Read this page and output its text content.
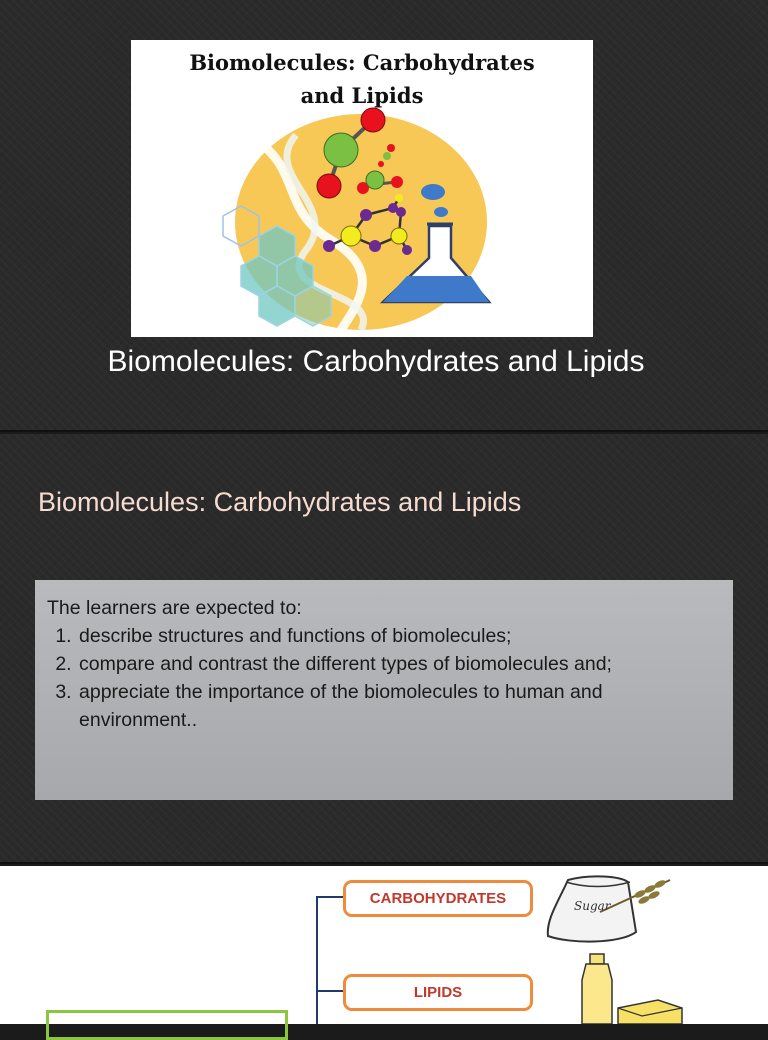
Biomolecules: Carbohydrates
and Lipids
Biomolecules: Carbohydrates and Lipids
Biomolecules: Carbohydrates and Lipids
The learners are expected to:
1. describe structures and functions of biomolecules;
2. compare and contrast the different types of biomolecules and;
3. appreciate the importance of the biomolecules to human and environment..
CARBOHYDRATES
LIPIDS
Sugar
